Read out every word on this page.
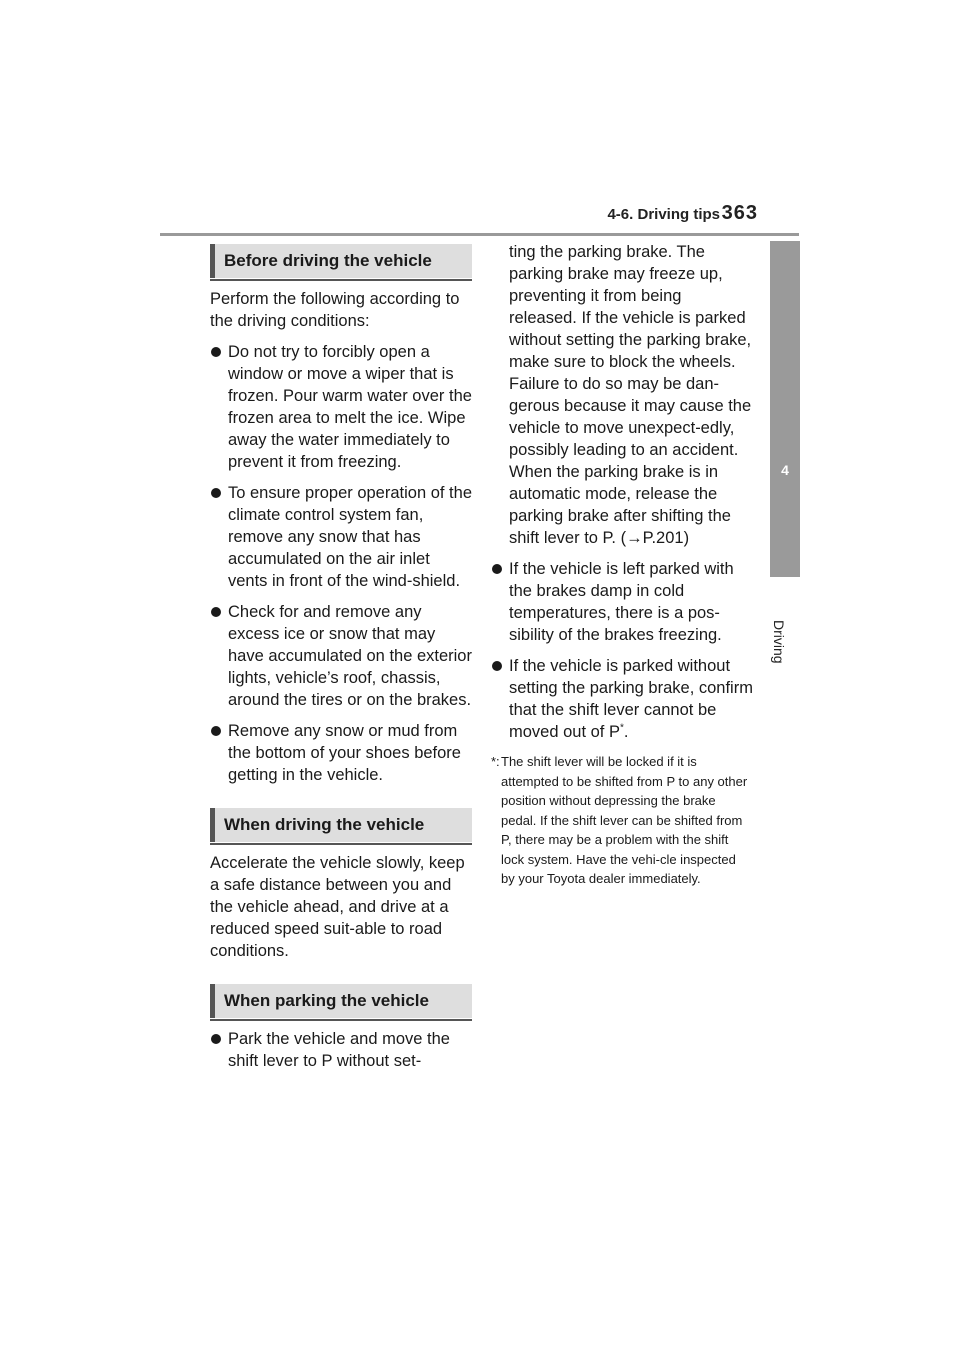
4-6. Driving tips 363
4
Driving
Before driving the vehicle

Perform the following according to the driving conditions:

Do not try to forcibly open a window or move a wiper that is frozen. Pour warm water over the frozen area to melt the ice. Wipe away the water immediately to prevent it from freezing.
To ensure proper operation of the climate control system fan, remove any snow that has accumulated on the air inlet vents in front of the wind-shield.
Check for and remove any excess ice or snow that may have accumulated on the exterior lights, vehicle’s roof, chassis, around the tires or on the brakes.
Remove any snow or mud from the bottom of your shoes before getting in the vehicle.
When driving the vehicle

Accelerate the vehicle slowly, keep a safe distance between you and the vehicle ahead, and drive at a reduced speed suit-able to road conditions.

When parking the vehicle
Park the vehicle and move the shift lever to P without set-

ting the parking brake. The parking brake may freeze up, preventing it from being released. If the vehicle is parked without setting the parking brake, make sure to block the wheels.

Failure to do so may be dan-gerous because it may cause the vehicle to move unexpect-edly, possibly leading to an accident.

When the parking brake is in automatic mode, release the parking brake after shifting the shift lever to P. (→P.201)

If the vehicle is left parked with the brakes damp in cold temperatures, there is a pos-sibility of the brakes freezing.
If the vehicle is parked without setting the parking brake, confirm that the shift lever cannot be moved out of P*.
*: The shift lever will be locked if it is attempted to be shifted from P to any other position without depressing the brake pedal. If the shift lever can be shifted from P, there may be a problem with the shift lock system. Have the vehi-cle inspected by your Toyota dealer immediately.
